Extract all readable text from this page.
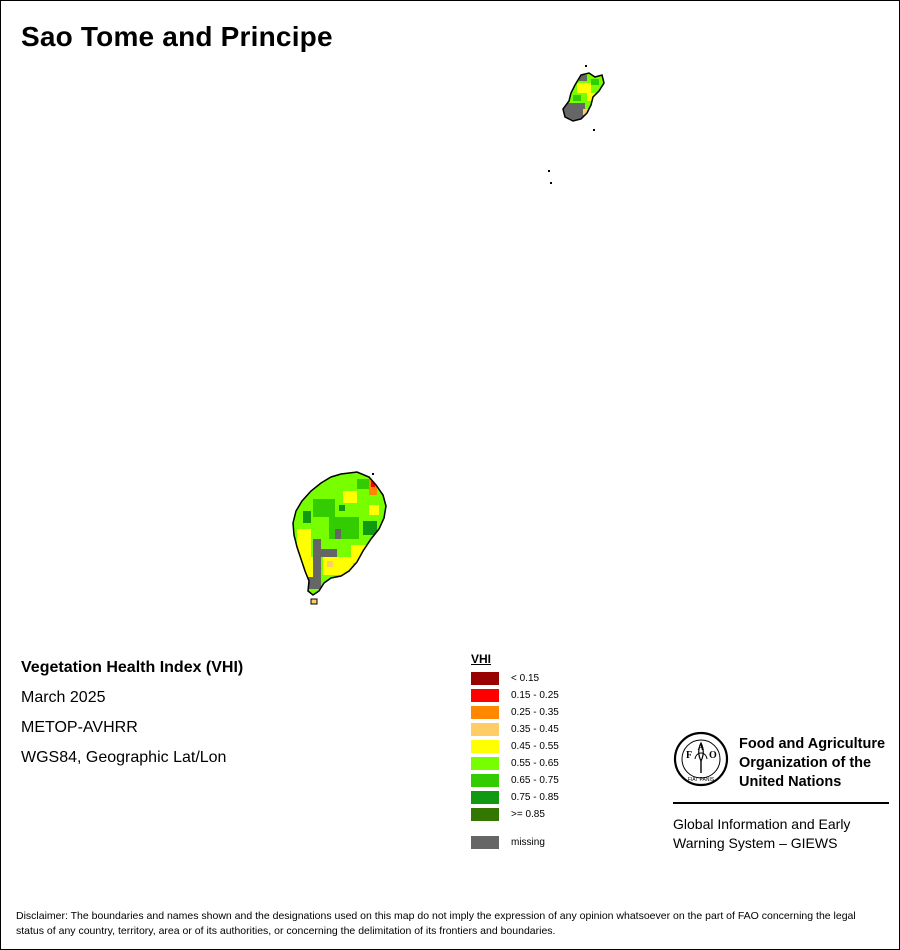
Sao Tome and Principe
Vegetation Health Index (VHI)
March 2025
METOP-AVHRR
WGS84, Geographic Lat/Lon
VHI
< 0.15
0.15 - 0.25
0.25 - 0.35
0.35 - 0.45
0.45 - 0.55
0.55 - 0.65
0.65 - 0.75
0.75 - 0.85
>= 0.85
missing
F
A
O
FIAT PANIS
Food and Agriculture
Organization of the
United Nations
Global Information and Early
Warning System – GIEWS
Disclaimer: The boundaries and names shown and the designations used on this map do not imply the expression of any opinion whatsoever on the part of FAO concerning the legal status of any country, territory, area or of its authorities, or concerning the delimitation of its frontiers and boundaries.
